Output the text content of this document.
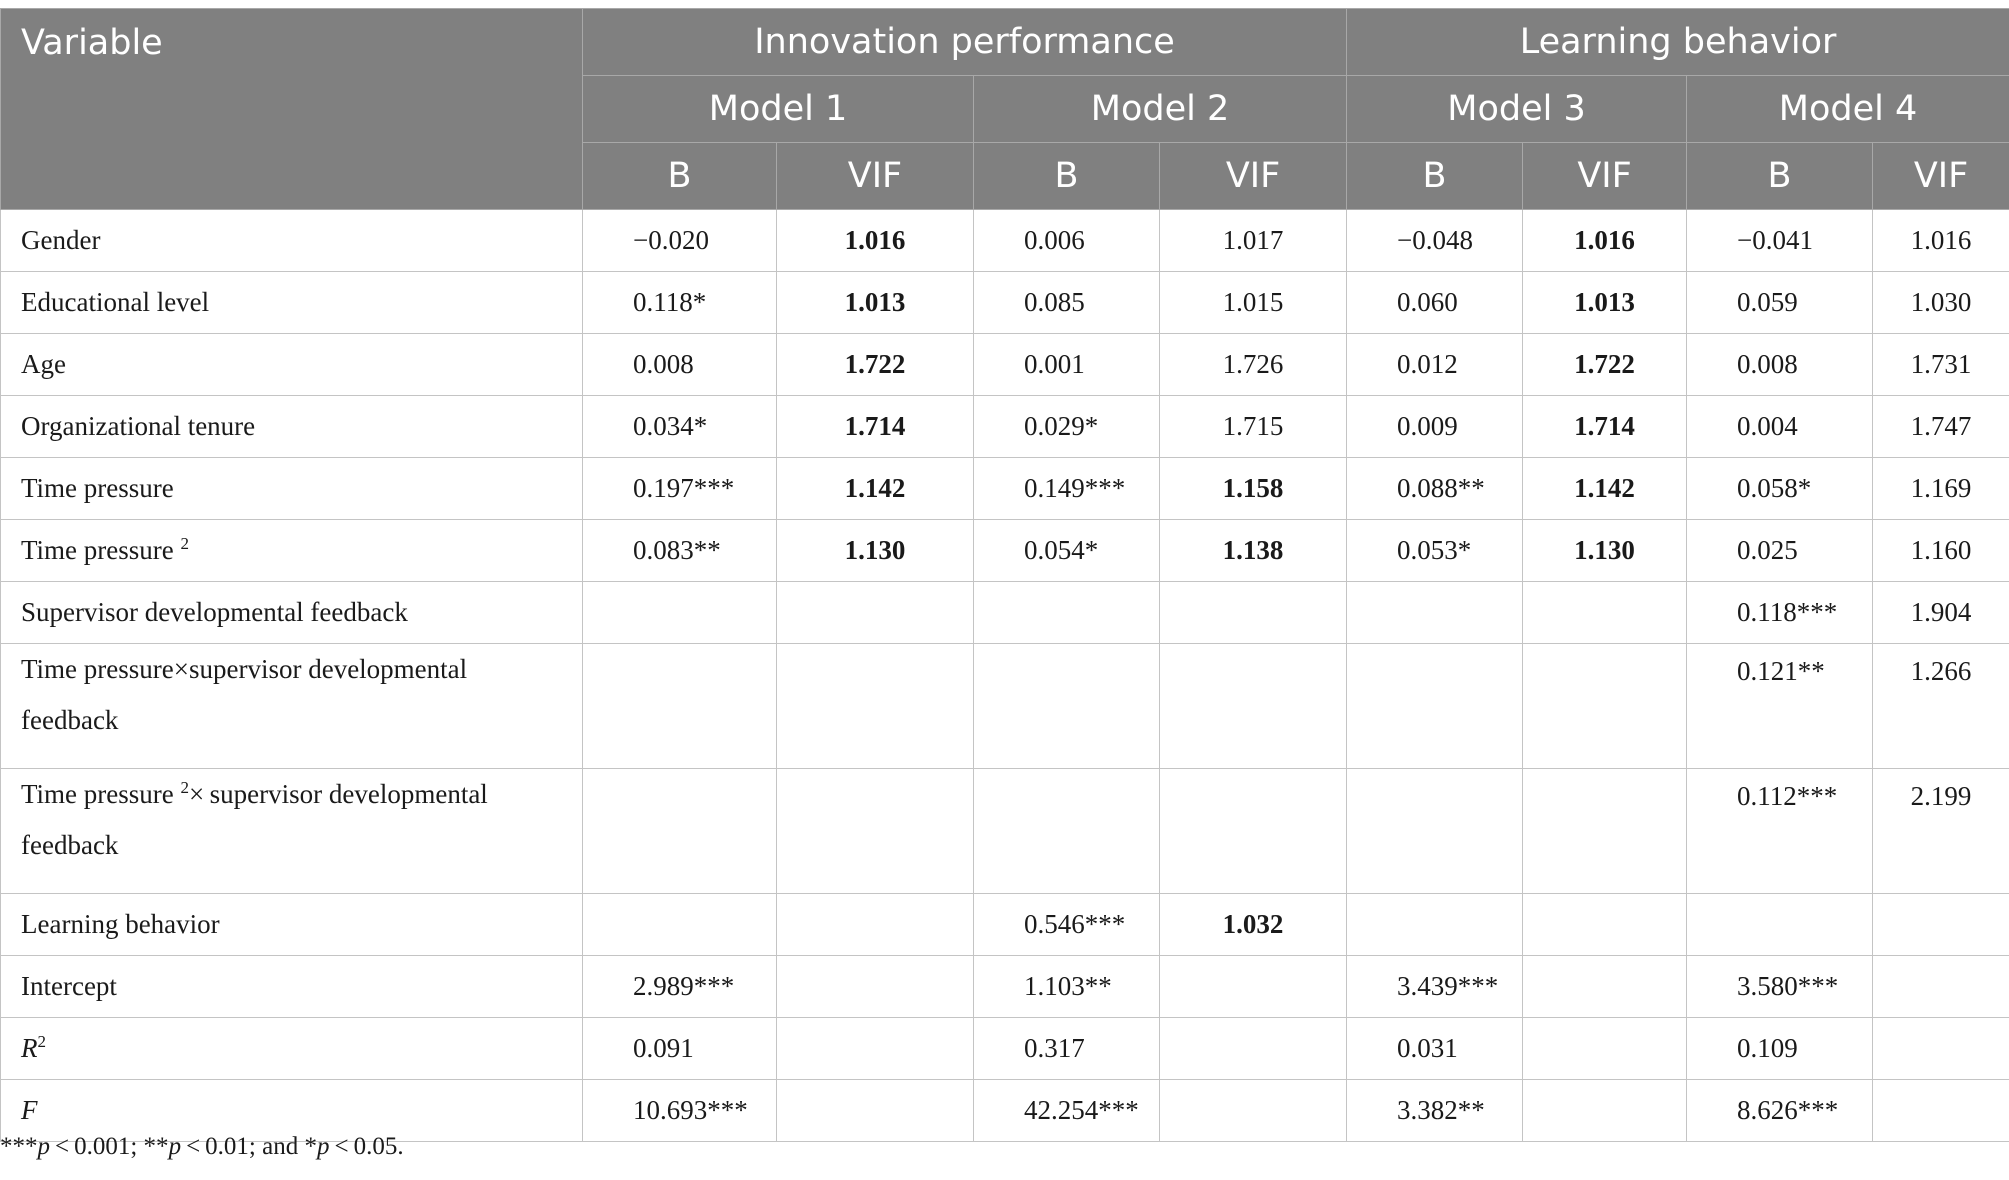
Variable	Innovation performance				Learning behavior			
	Model 1		Model 2		Model 3		Model 4	
	B	VIF	B	VIF	B	VIF	B	VIF
Gender	−0.020	1.016	0.006	1.017	−0.048	1.016	−0.041	1.016
Educational level	0.118*	1.013	0.085	1.015	0.060	1.013	0.059	1.030
Age	0.008	1.722	0.001	1.726	0.012	1.722	0.008	1.731
Organizational tenure	0.034*	1.714	0.029*	1.715	0.009	1.714	0.004	1.747
Time pressure	0.197***	1.142	0.149***	1.158	0.088**	1.142	0.058*	1.169
Time pressure $^2$	0.083**	1.130	0.054*	1.138	0.053*	1.130	0.025	1.160
Supervisor developmental feedback							0.118***	1.904
Time pressure×supervisor developmental feedback							0.121**	1.266
Time pressure $^2$× supervisor developmental feedback							0.112***	2.199
Learning behavior			0.546***	1.032				
Intercept	2.989***		1.103**		3.439***		3.580***	
$R^2$	0.091		0.317		0.031		0.109	
F	10.693***		42.254***		3.382**		8.626***	
***p < 0.001; **p < 0.01; and *p < 0.05.
